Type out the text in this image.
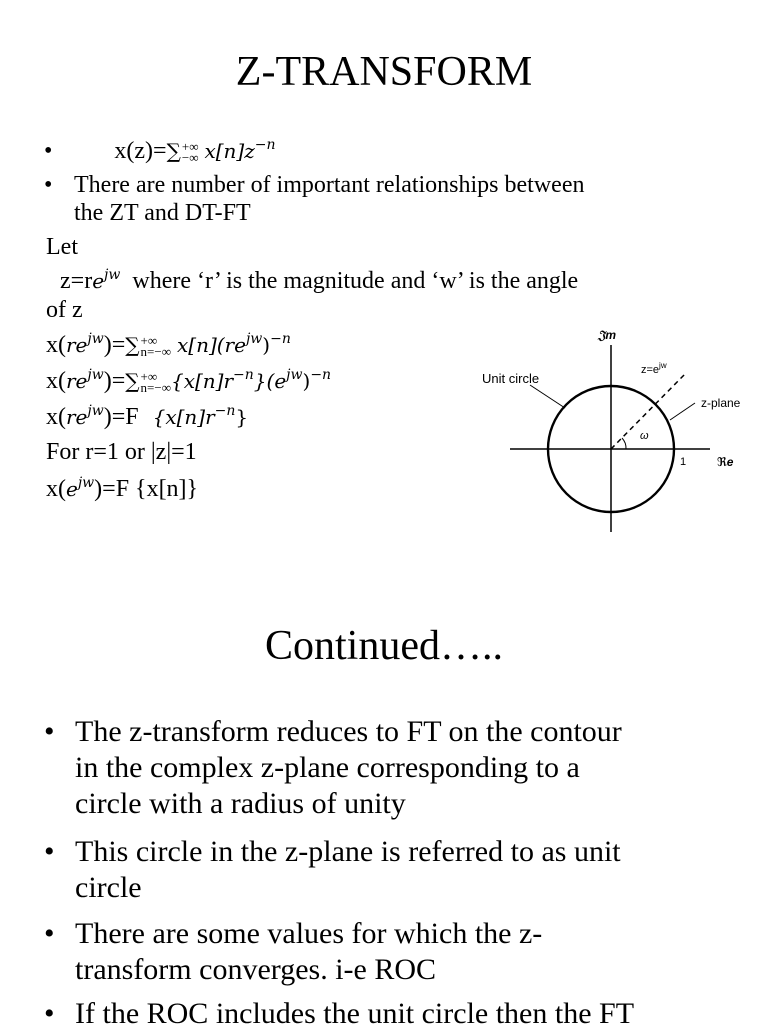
Z-TRANSFORM
•	x(z)=∑ +∞
−∞ $x[n]z^{-n}$
• There are number of important relationships between
the ZT and DT-FT
Let
$z=re^{jw}$ where ‘r’ is the magnitude and ‘w’ is the angle
of z
$x(re^{jw})=\sum$ +∞
n=−∞ $x[n](re^{jw})^{-n}$
$x(re^{jw})=\sum$ +∞
n=−∞ $\{x[n]r^{-n}\}(e^{jw})^{-n}$
$x(re^{jw})=F$ $\{x[n]r^{-n}\}$
For r=1 or |z|=1
$x(e^{jw})=F$ {x[n]}
𝔍m
ℜe
Unit circle
$z=e^{jw}$
z-plane
1
ω
Continued…..
• The z-transform reduces to FT on the contour
in the complex z-plane corresponding to a
circle with a radius of unity
• This circle in the z-plane is referred to as unit
circle
• There are some values for which the z-
transform converges. i-e ROC
• If the ROC includes the unit circle then the FT
